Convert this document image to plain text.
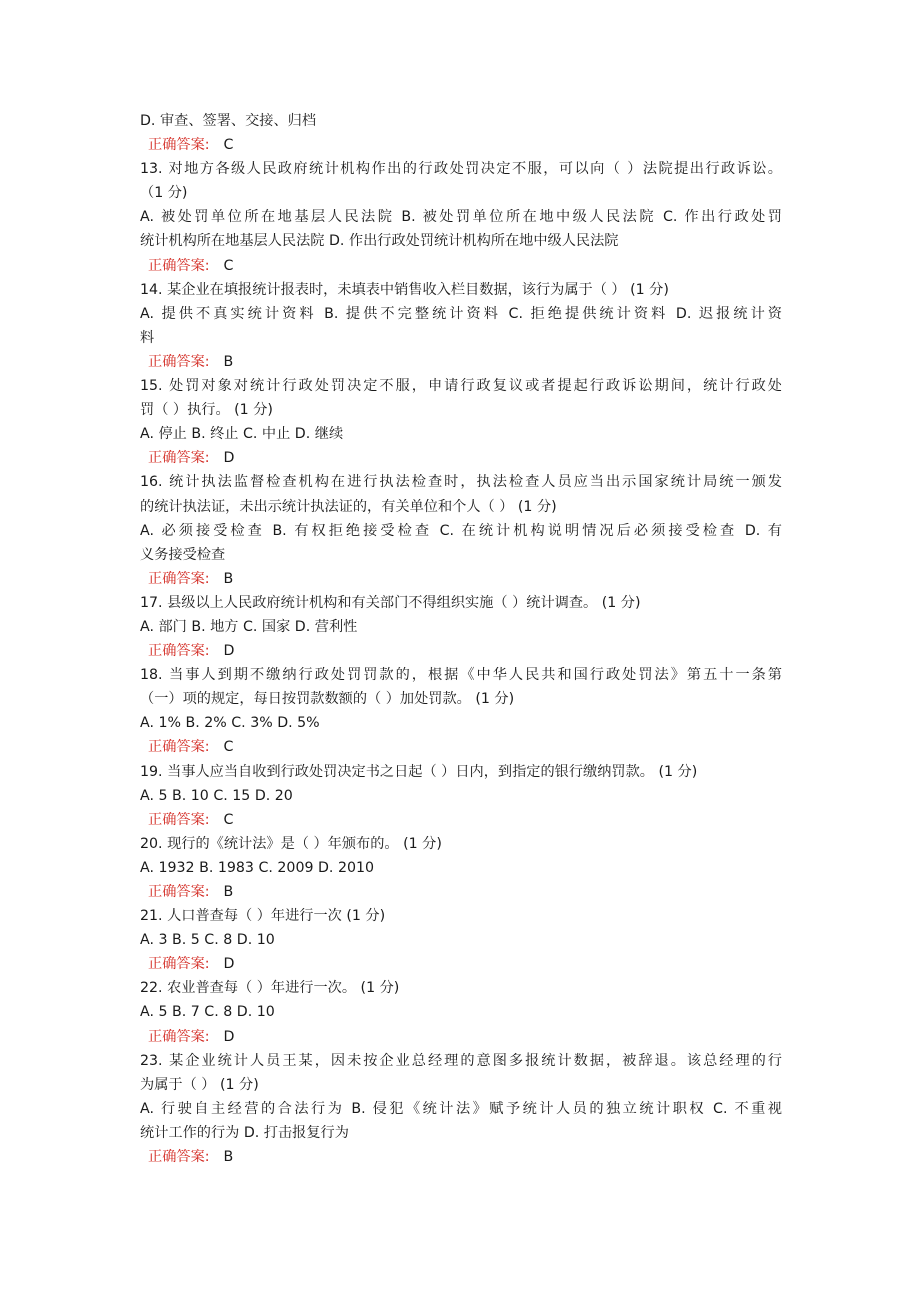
D. 审查、签署、交接、归档
正确答案: C
13. 对地方各级人民政府统计机构作出的行政处罚决定不服，可以向（ ）法院提出行政诉讼。
（1 分)
A. 被处罚单位所在地基层人民法院 B. 被处罚单位所在地中级人民法院 C. 作出行政处罚
统计机构所在地基层人民法院 D. 作出行政处罚统计机构所在地中级人民法院
正确答案: C
14. 某企业在填报统计报表时，未填表中销售收入栏目数据，该行为属于（ ） (1 分)
A. 提供不真实统计资料 B. 提供不完整统计资料 C. 拒绝提供统计资料 D. 迟报统计资
料
正确答案: B
15. 处罚对象对统计行政处罚决定不服，申请行政复议或者提起行政诉讼期间，统计行政处
罚（ ）执行。 (1 分)
A. 停止 B. 终止 C. 中止 D. 继续
正确答案: D
16. 统计执法监督检查机构在进行执法检查时，执法检查人员应当出示国家统计局统一颁发
的统计执法证，未出示统计执法证的，有关单位和个人（ ） (1 分)
A. 必须接受检查 B. 有权拒绝接受检查 C. 在统计机构说明情况后必须接受检查 D. 有
义务接受检查
正确答案: B
17. 县级以上人民政府统计机构和有关部门不得组织实施（ ）统计调查。 (1 分)
A. 部门 B. 地方 C. 国家 D. 营利性
正确答案: D
18. 当事人到期不缴纳行政处罚罚款的，根据《中华人民共和国行政处罚法》第五十一条第
（一）项的规定，每日按罚款数额的（ ）加处罚款。 (1 分)
A. 1% B. 2% C. 3% D. 5%
正确答案: C
19. 当事人应当自收到行政处罚决定书之日起（ ）日内，到指定的银行缴纳罚款。 (1 分)
A. 5 B. 10 C. 15 D. 20
正确答案: C
20. 现行的《统计法》是（ ）年颁布的。 (1 分)
A. 1932 B. 1983 C. 2009 D. 2010
正确答案: B
21. 人口普查每（ ）年进行一次 (1 分)
A. 3 B. 5 C. 8 D. 10
正确答案: D
22. 农业普查每（ ）年进行一次。 (1 分)
A. 5 B. 7 C. 8 D. 10
正确答案: D
23. 某企业统计人员王某，因未按企业总经理的意图多报统计数据，被辞退。该总经理的行
为属于（ ） (1 分)
A. 行驶自主经营的合法行为 B. 侵犯《统计法》赋予统计人员的独立统计职权 C. 不重视
统计工作的行为 D. 打击报复行为
正确答案: B
